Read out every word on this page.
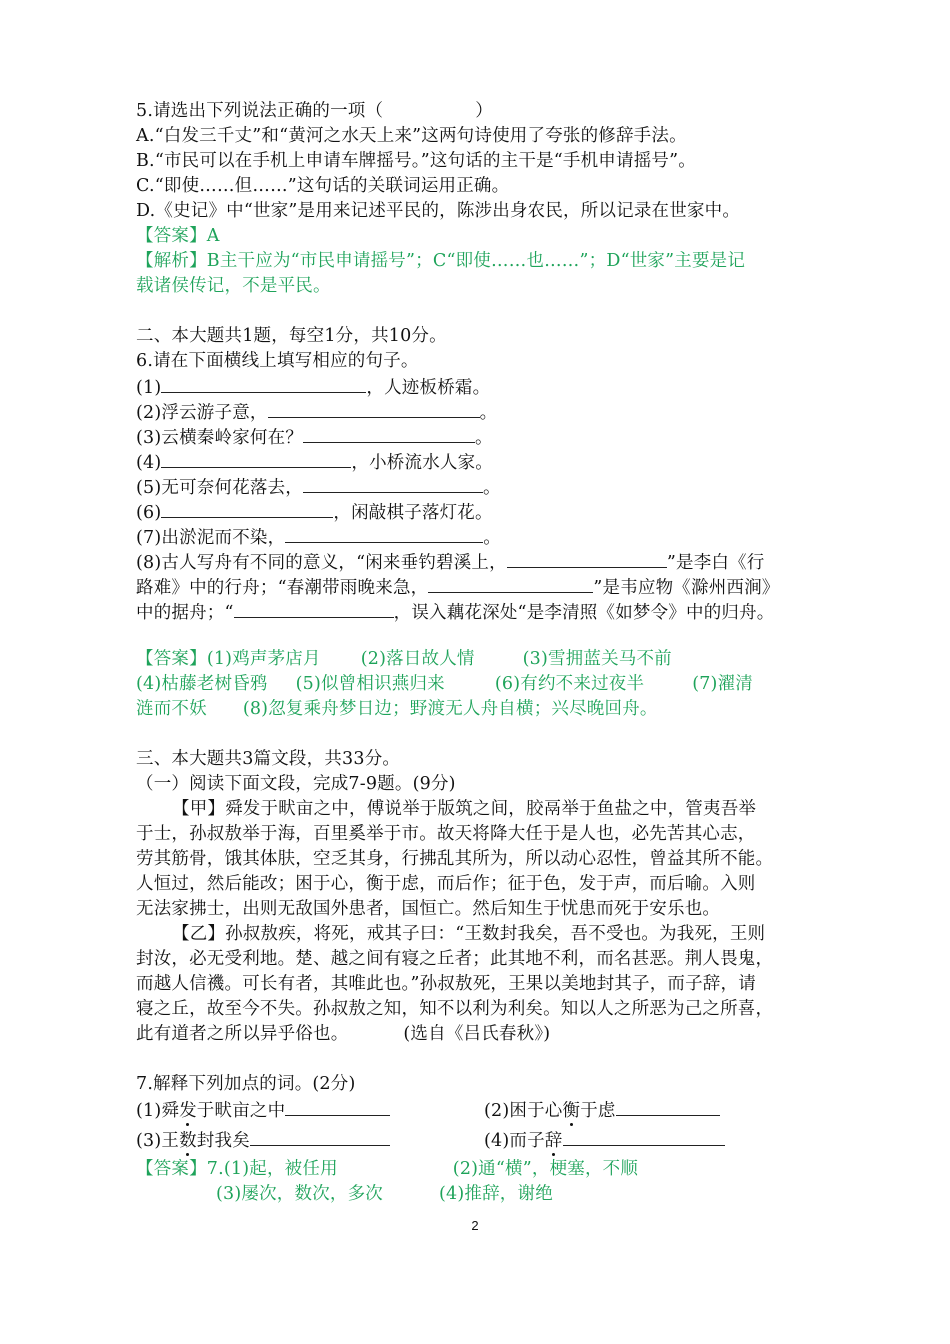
5.请选出下列说法正确的一项（	）
A.“白发三千丈”和“黄河之水天上来”这两句诗使用了夸张的修辞手法。
B.“市民可以在手机上申请车牌摇号。”这句话的主干是“手机申请摇号”。
C.“即使……但……”这句话的关联词运用正确。
D.《史记》中“世家”是用来记述平民的，陈涉出身农民，所以记录在世家中。
【答案】A
【解析】B主干应为“市民申请摇号”；C“即使……也……”；D“世家”主要是记
载诸侯传记，不是平民。
二、本大题共1题，每空1分，共10分。
6.请在下面横线上填写相应的句子。
(1)	，人迹板桥霜。
(2)浮云游子意，	。
(3)云横秦岭家何在？	。
(4)	，小桥流水人家。
(5)无可奈何花落去，	。
(6)	，闲敲棋子落灯花。
(7)出淤泥而不染，	。
(8)古人写舟有不同的意义，“闲来垂钓碧溪上，	”是李白《行
路难》中的行舟；“春潮带雨晚来急，	”是韦应物《滁州西涧》
中的据舟；“	，误入藕花深处“是李清照《如梦令》中的归舟。
【答案】(1)鸡声茅店月 (2)落日故人情	(3)雪拥蓝关马不前
(4)枯藤老树昏鸦 (5)似曾相识燕归来	(6)有约不来过夜半	(7)濯清
涟而不妖 (8)忽复乘舟梦日边；野渡无人舟自横；兴尽晚回舟。
三、本大题共3篇文段，共33分。
（一）阅读下面文段，完成7-9题。(9分)
【甲】舜发于畎亩之中，傅说举于版筑之间，胶鬲举于鱼盐之中，管夷吾举
于士，孙叔敖举于海，百里奚举于市。故天将降大任于是人也，必先苦其心志，
劳其筋骨，饿其体肤，空乏其身，行拂乱其所为，所以动心忍性，曾益其所不能。
人恒过，然后能改；困于心，衡于虑，而后作；征于色，发于声，而后喻。入则
无法家拂士，出则无敌国外患者，国恒亡。然后知生于忧患而死于安乐也。
【乙】孙叔敖疾，将死，戒其子曰：“王数封我矣，吾不受也。为我死，王则
封汝，必无受利地。楚、越之间有寝之丘者；此其地不利，而名甚恶。荆人畏鬼，
而越人信禨。可长有者，其唯此也。”孙叔敖死，王果以美地封其子，而子辞，请
寝之丘，故至今不失。孙叔敖之知，知不以利为利矣。知以人之所恶为己之所喜，
此有道者之所以异乎俗也。	(选自《吕氏春秋》)
7.解释下列加点的词。(2分)
(1)舜发于畎亩之中	(2)困于心衡于虑
(3)王数封我矣	(4)而子辞
【答案】7.(1)起，被任用	(2)通“横”，梗塞，不顺
(3)屡次，数次，多次	(4)推辞，谢绝
2
